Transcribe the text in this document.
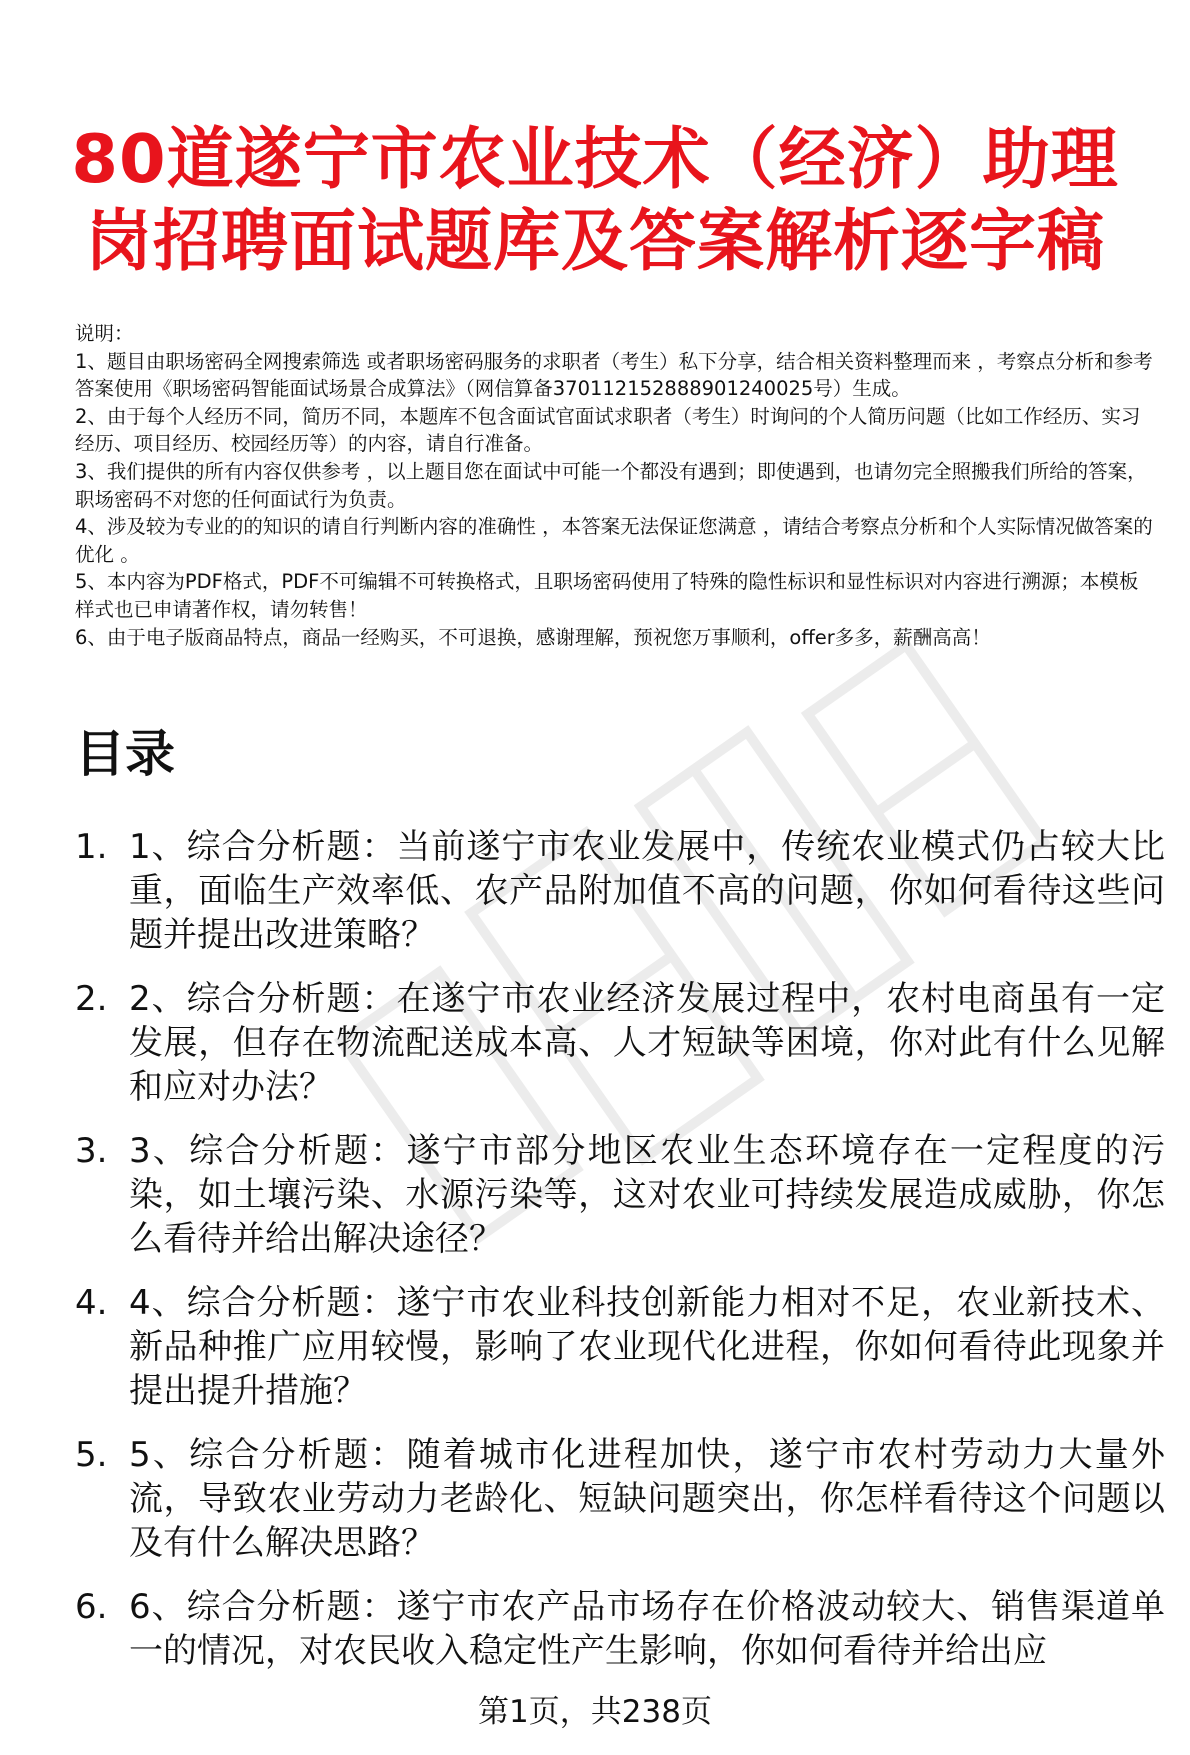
80道遂宁市农业技术（经济）助理
岗招聘面试题库及答案解析逐字稿

说明：

1、题目由职场密码全网搜索筛选 或者职场密码服务的求职者（考生）私下分享，结合相关资料整理而来 ，考察点分析和参考答案使用《职场密码智能面试场景合成算法》（网信算备370112152888901240025号）生成。

2、由于每个人经历不同，简历不同，本题库不包含面试官面试求职者（考生）时询问的个人简历问题（比如工作经历、实习经历、项目经历、校园经历等）的内容，请自行准备。

3、我们提供的所有内容仅供参考 ，以上题目您在面试中可能一个都没有遇到；即使遇到，也请勿完全照搬我们所给的答案，职场密码不对您的任何面试行为负责。

4、涉及较为专业的的知识的请自行判断内容的准确性 ，本答案无法保证您满意 ，请结合考察点分析和个人实际情况做答案的优化 。

5、本内容为PDF格式，PDF不可编辑不可转换格式，且职场密码使用了特殊的隐性标识和显性标识对内容进行溯源；本模板样式也已申请著作权，请勿转售！

6、由于电子版商品特点，商品一经购买，不可退换，感谢理解，预祝您万事顺利，offer多多，薪酬高高！

目录
1. 1、综合分析题：当前遂宁市农业发展中，传统农业模式仍占较大比重，面临生产效率低、农产品附加值不高的问题，你如何看待这些问题并提出改进策略？
2. 2、综合分析题：在遂宁市农业经济发展过程中，农村电商虽有一定发展，但存在物流配送成本高、人才短缺等困境，你对此有什么见解和应对办法？
3. 3、综合分析题：遂宁市部分地区农业生态环境存在一定程度的污染，如土壤污染、水源污染等，这对农业可持续发展造成威胁，你怎么看待并给出解决途径？
4. 4、综合分析题：遂宁市农业科技创新能力相对不足，农业新技术、新品种推广应用较慢，影响了农业现代化进程，你如何看待此现象并提出提升措施？
5. 5、综合分析题：随着城市化进程加快，遂宁市农村劳动力大量外流，导致农业劳动力老龄化、短缺问题突出，你怎样看待这个问题以及有什么解决思路？
6. 6、综合分析题：遂宁市农产品市场存在价格波动较大、销售渠道单一的情况，对农民收入稳定性产生影响，你如何看待并给出应
第1页，共238页
